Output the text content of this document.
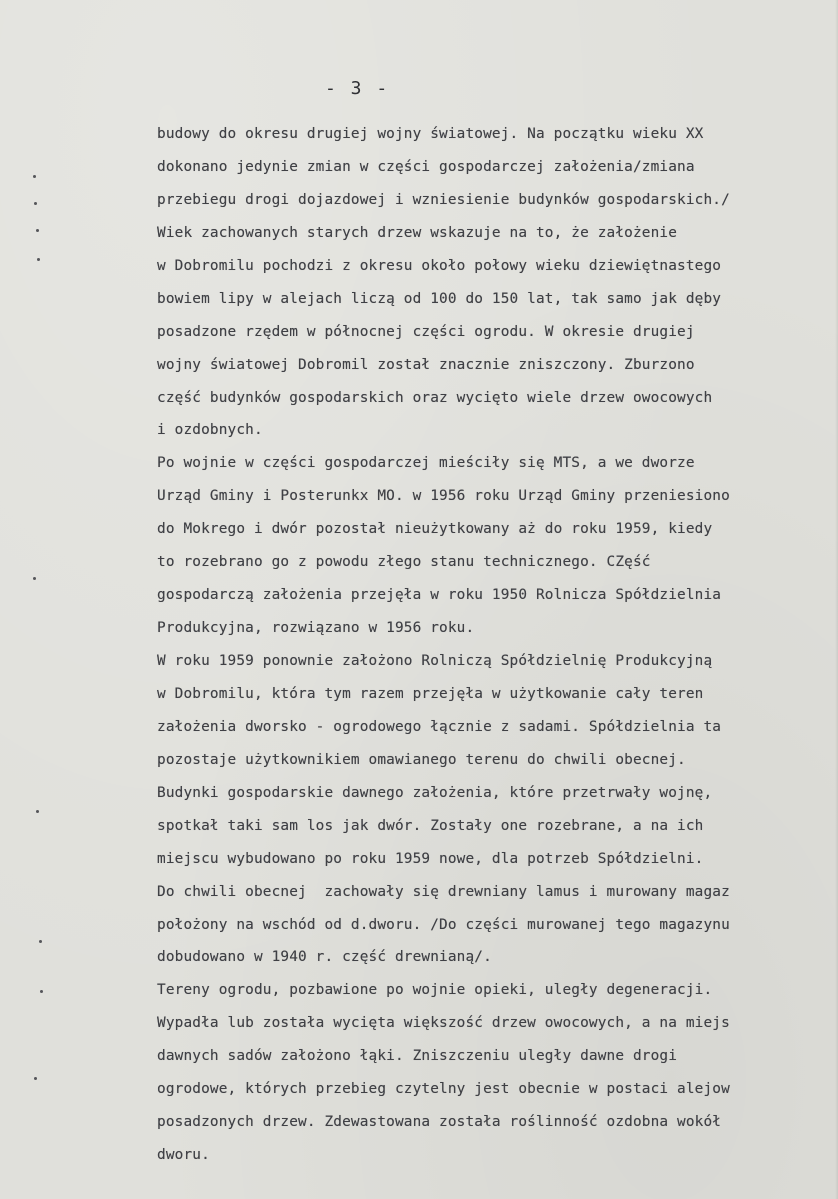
- 3 -
budowy do okresu drugiej wojny światowej. Na początku wieku XX
dokonano jedynie zmian w części gospodarczej założenia/zmiana
przebiegu drogi dojazdowej i wzniesienie budynków gospodarskich./
Wiek zachowanych starych drzew wskazuje na to, że założenie
w Dobromilu pochodzi z okresu około połowy wieku dziewiętnastego
bowiem lipy w alejach liczą od 100 do 150 lat, tak samo jak dęby
posadzone rzędem w północnej części ogrodu. W okresie drugiej
wojny światowej Dobromil został znacznie zniszczony. Zburzono
część budynków gospodarskich oraz wycięto wiele drzew owocowych
i ozdobnych.
Po wojnie w części gospodarczej mieściły się MTS, a we dworze
Urząd Gminy i Posterunkx MO. w 1956 roku Urząd Gminy przeniesiono
do Mokrego i dwór pozostał nieużytkowany aż do roku 1959, kiedy
to rozebrano go z powodu złego stanu technicznego. CZęść
gospodarczą założenia przejęła w roku 1950 Rolnicza Spółdzielnia
Produkcyjna, rozwiązano w 1956 roku.
W roku 1959 ponownie założono Rolniczą Spółdzielnię Produkcyjną
w Dobromilu, która tym razem przejęła w użytkowanie cały teren
założenia dworsko - ogrodowego łącznie z sadami. Spółdzielnia ta
pozostaje użytkownikiem omawianego terenu do chwili obecnej.
Budynki gospodarskie dawnego założenia, które przetrwały wojnę,
spotkał taki sam los jak dwór. Zostały one rozebrane, a na ich
miejscu wybudowano po roku 1959 nowe, dla potrzeb Spółdzielni.
Do chwili obecnej  zachowały się drewniany lamus i murowany magaz
położony na wschód od d.dworu. /Do części murowanej tego magazynu
dobudowano w 1940 r. część drewnianą/.
Tereny ogrodu, pozbawione po wojnie opieki, uległy degeneracji.
Wypadła lub została wycięta większość drzew owocowych, a na miejs
dawnych sadów założono łąki. Zniszczeniu uległy dawne drogi
ogrodowe, których przebieg czytelny jest obecnie w postaci alejow
posadzonych drzew. Zdewastowana została roślinność ozdobna wokół
dworu.
